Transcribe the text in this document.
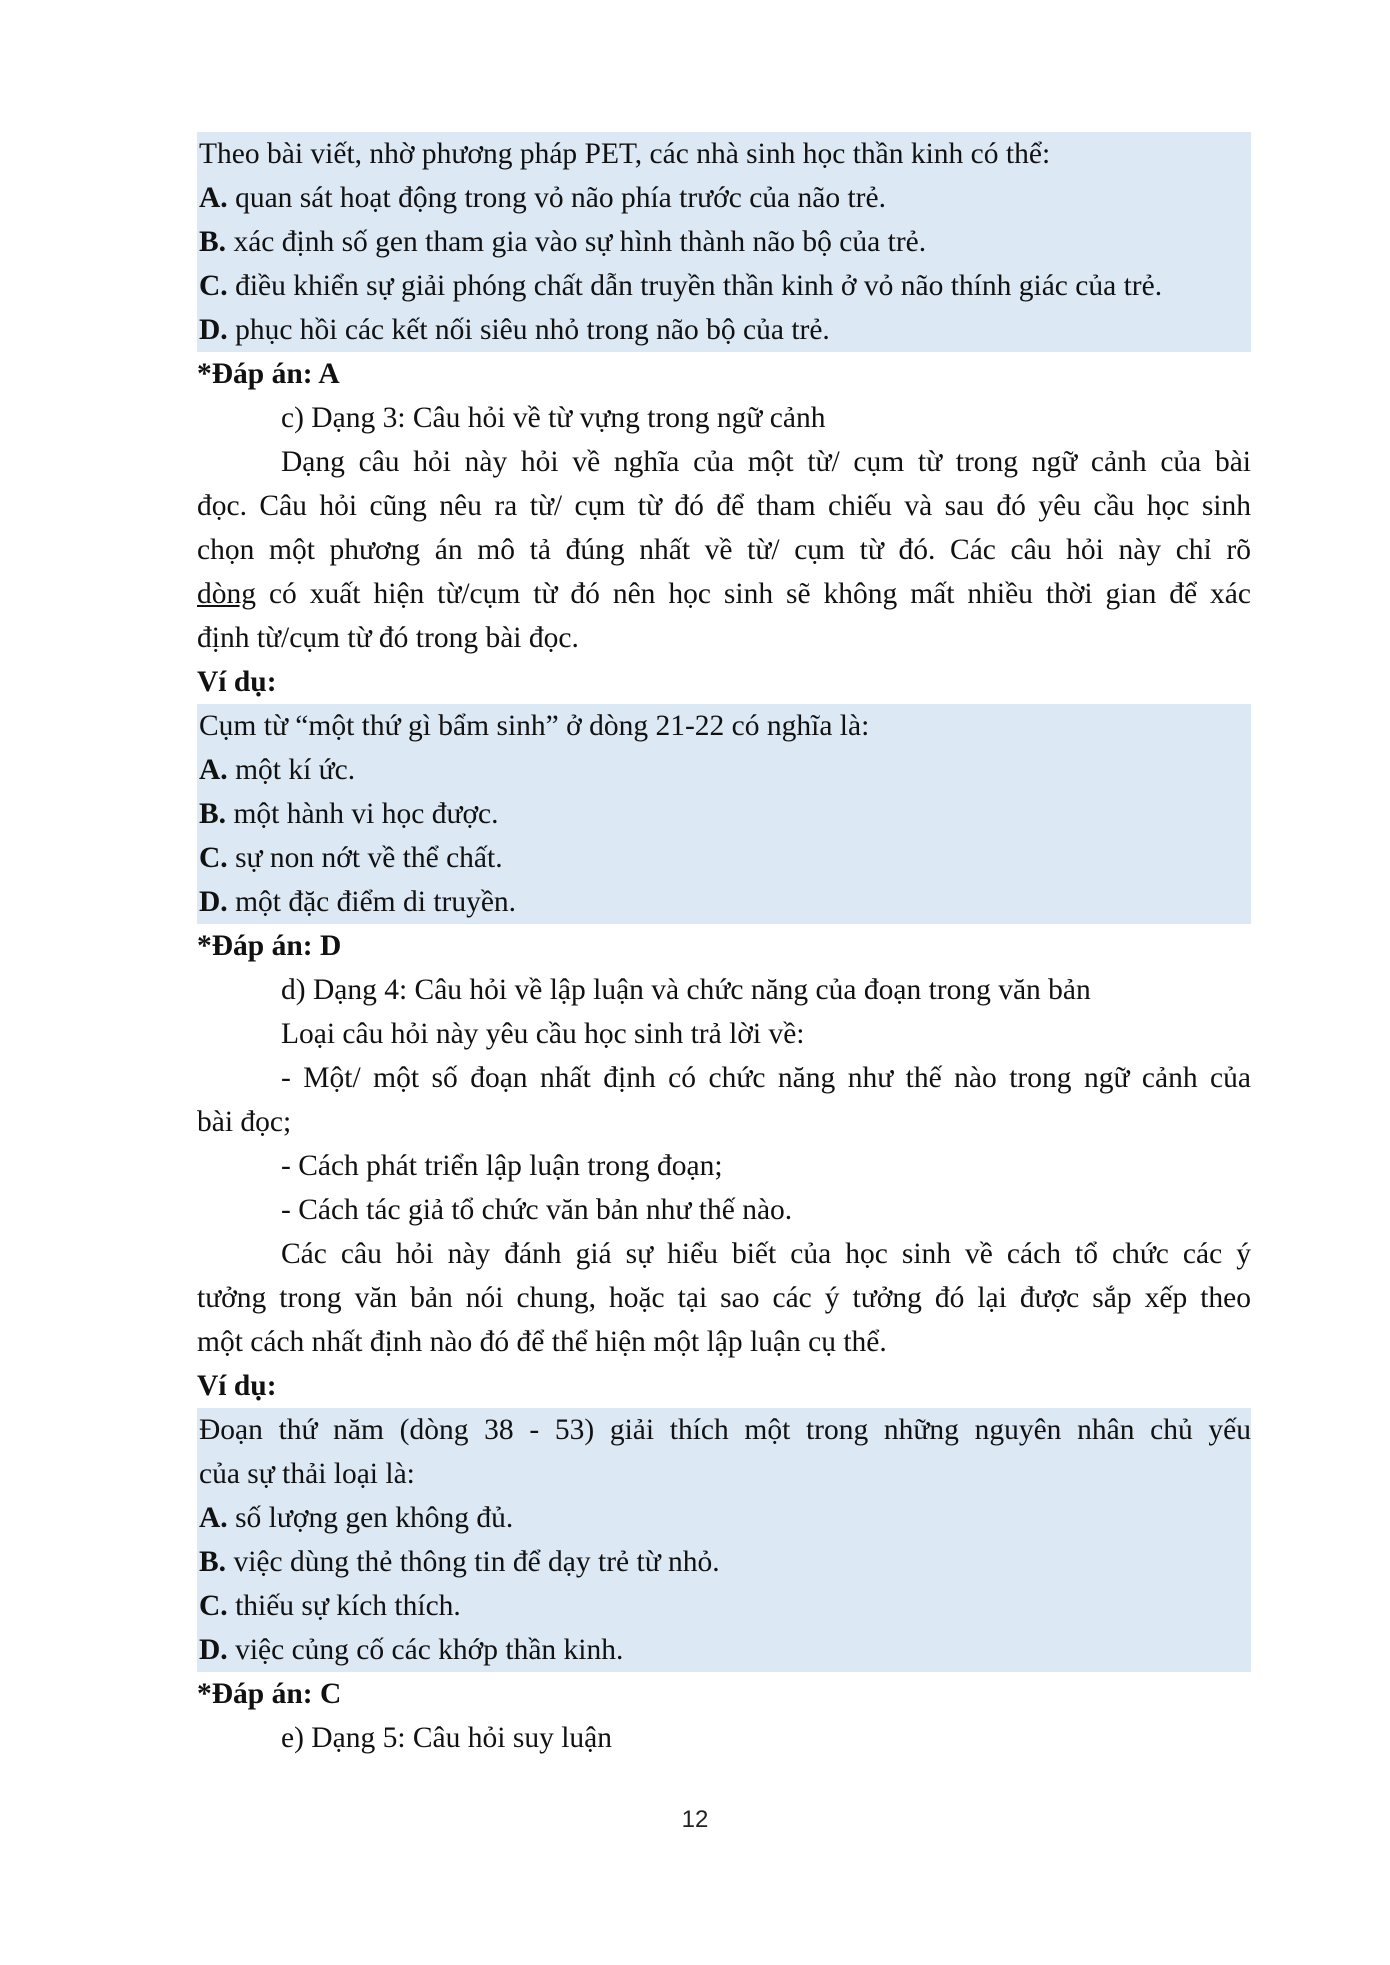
Theo bài viết, nhờ phương pháp PET, các nhà sinh học thần kinh có thể:
A. quan sát hoạt động trong vỏ não phía trước của não trẻ.
B. xác định số gen tham gia vào sự hình thành não bộ của trẻ.
C. điều khiển sự giải phóng chất dẫn truyền thần kinh ở vỏ não thính giác của trẻ.
D. phục hồi các kết nối siêu nhỏ trong não bộ của trẻ.
*Đáp án: A
c) Dạng 3: Câu hỏi về từ vựng trong ngữ cảnh
Dạng câu hỏi này hỏi về nghĩa của một từ/ cụm từ trong ngữ cảnh của bài
đọc. Câu hỏi cũng nêu ra từ/ cụm từ đó để tham chiếu và sau đó yêu cầu học sinh
chọn một phương án mô tả đúng nhất về từ/ cụm từ đó. Các câu hỏi này chỉ rõ
dòng có xuất hiện từ/cụm từ đó nên học sinh sẽ không mất nhiều thời gian để xác
định từ/cụm từ đó trong bài đọc.
Ví dụ:
Cụm từ “một thứ gì bẩm sinh” ở dòng 21-22 có nghĩa là:
A. một kí ức.
B. một hành vi học được.
C. sự non nớt về thể chất.
D. một đặc điểm di truyền.
*Đáp án: D
d) Dạng 4: Câu hỏi về lập luận và chức năng của đoạn trong văn bản
Loại câu hỏi này yêu cầu học sinh trả lời về:
- Một/ một số đoạn nhất định có chức năng như thế nào trong ngữ cảnh của
bài đọc;
- Cách phát triển lập luận trong đoạn;
- Cách tác giả tổ chức văn bản như thế nào.
Các câu hỏi này đánh giá sự hiểu biết của học sinh về cách tổ chức các ý
tưởng trong văn bản nói chung, hoặc tại sao các ý tưởng đó lại được sắp xếp theo
một cách nhất định nào đó để thể hiện một lập luận cụ thể.
Ví dụ:
Đoạn thứ năm (dòng 38 - 53) giải thích một trong những nguyên nhân chủ yếu
của sự thải loại là:
A. số lượng gen không đủ.
B. việc dùng thẻ thông tin để dạy trẻ từ nhỏ.
C. thiếu sự kích thích.
D. việc củng cố các khớp thần kinh.
*Đáp án: C
e) Dạng 5: Câu hỏi suy luận
12
